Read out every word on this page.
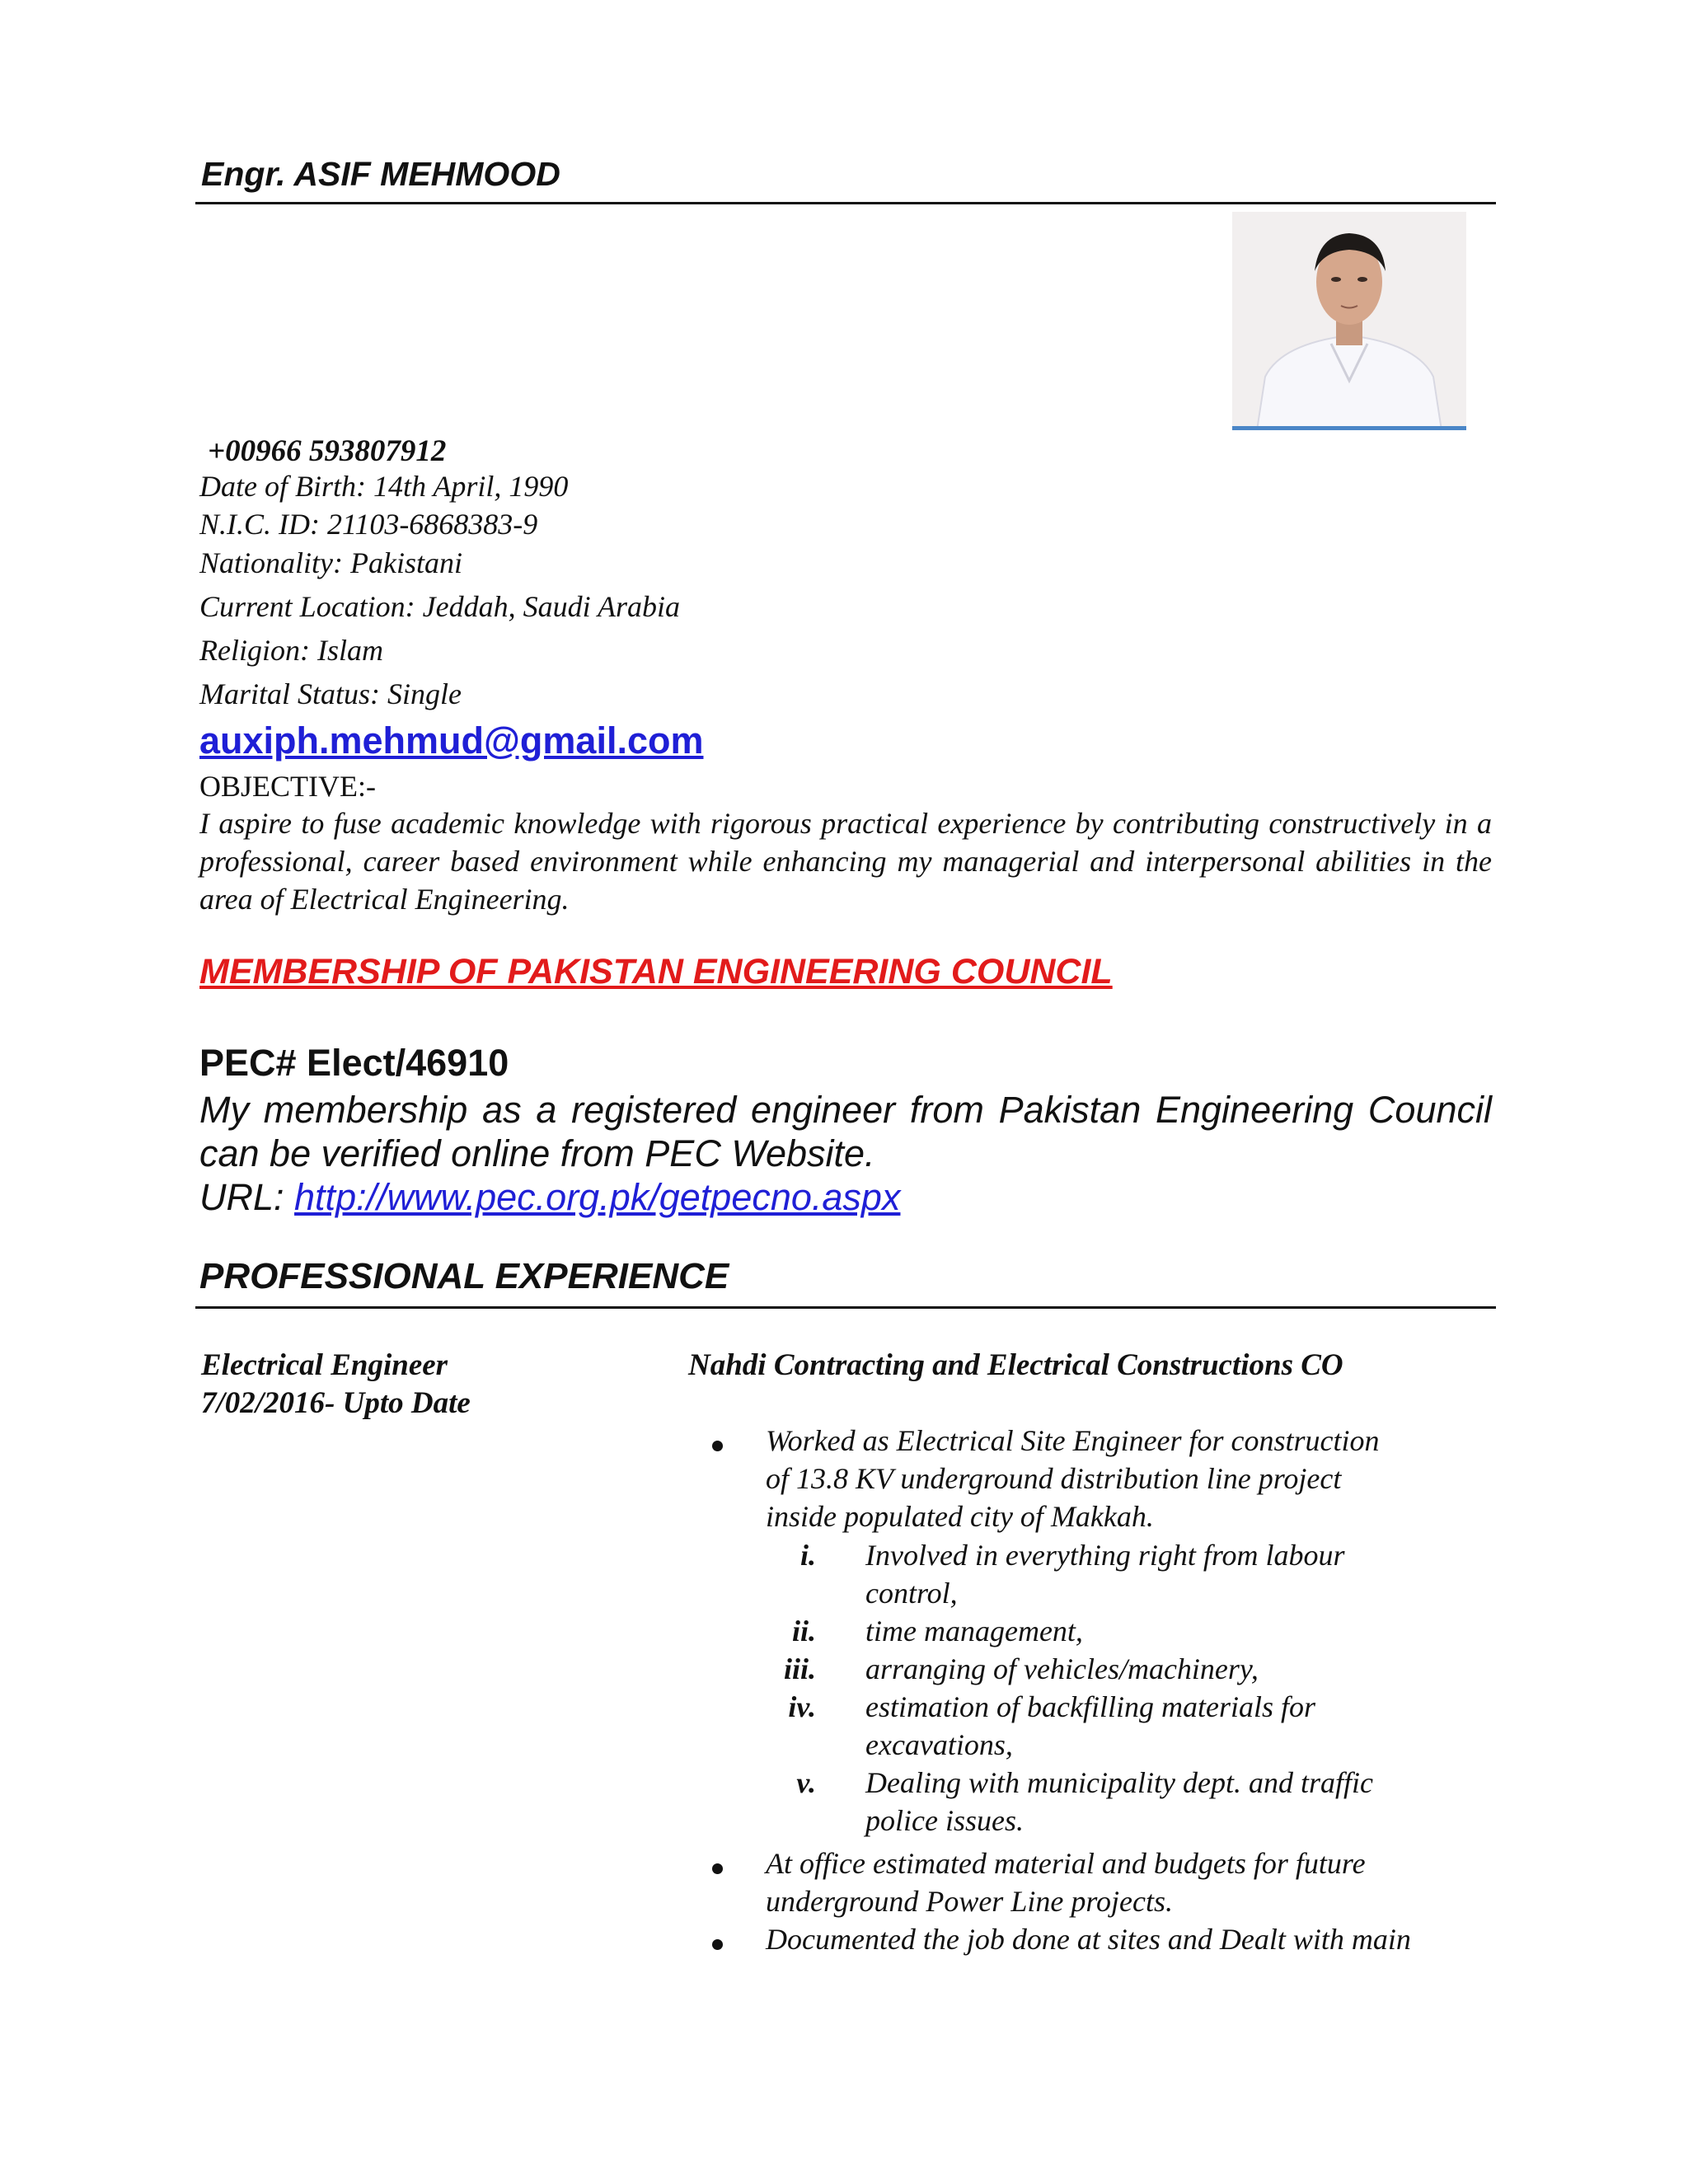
Engr. ASIF MEHMOOD
+00966 593807912
Date of Birth: 14th April, 1990
N.I.C. ID: 21103-6868383-9
Nationality: Pakistani
Current Location: Jeddah, Saudi Arabia
Religion: Islam
Marital Status: Single
auxiph.mehmud@gmail.com
OBJECTIVE:-
I aspire to fuse academic knowledge with rigorous practical experience by contributing constructively in a professional, career based environment while enhancing my managerial and interpersonal abilities in the area of Electrical Engineering.
MEMBERSHIP OF PAKISTAN ENGINEERING COUNCIL
PEC# Elect/46910
My membership as a registered engineer from Pakistan Engineering Council can be verified online from PEC Website.
URL: http://www.pec.org.pk/getpecno.aspx
PROFESSIONAL EXPERIENCE
Electrical Engineer
7/02/2016- Upto Date
Nahdi Contracting and Electrical Constructions CO
Worked as Electrical Site Engineer for construction
of 13.8 KV underground distribution line project
inside populated city of Makkah.
i. Involved in everything right from labour
control,
ii. time management,
iii. arranging of vehicles/machinery,
iv. estimation of backfilling materials for
excavations,
v. Dealing with municipality dept. and traffic
police issues.
At office estimated material and budgets for future
underground Power Line projects.
Documented the job done at sites and Dealt with main
